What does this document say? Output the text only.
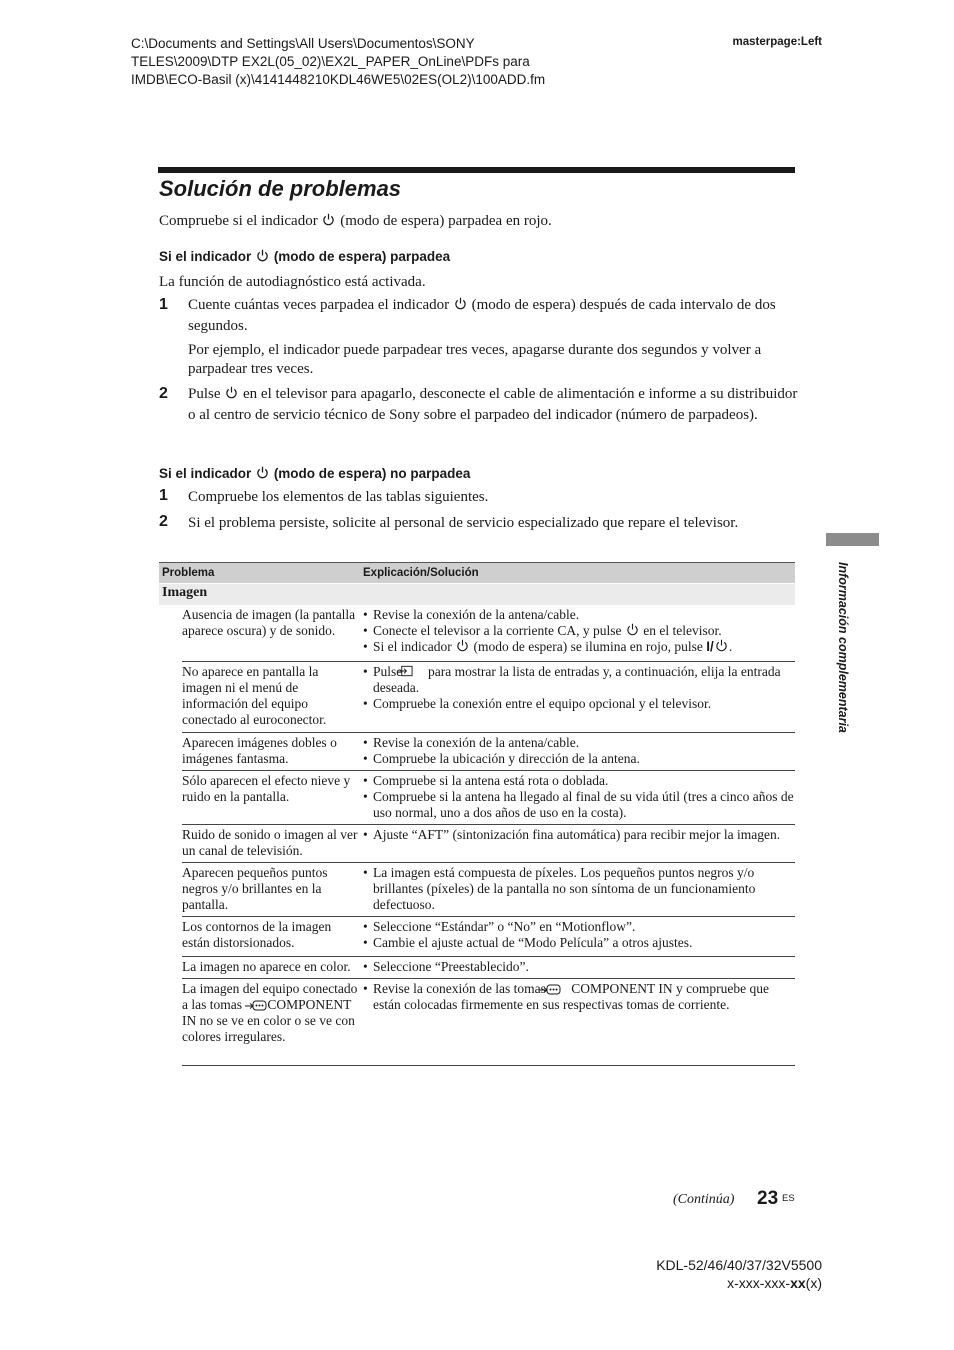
C:\Documents and Settings\All Users\Documentos\SONY
TELES\2009\DTP EX2L(05_02)\EX2L_PAPER_OnLine\PDFs para
IMDB\ECO-Basil (x)\4141448210KDL46WE5\02ES(OL2)\100ADD.fm
masterpage:Left
Solución de problemas
Compruebe si el indicador (modo de espera) parpadea en rojo.
Si el indicador (modo de espera) parpadea
La función de autodiagnóstico está activada.
1 Cuente cuántas veces parpadea el indicador (modo de espera) después de cada intervalo de dos segundos.
Por ejemplo, el indicador puede parpadear tres veces, apagarse durante dos segundos y volver a parpadear tres veces.
2 Pulse en el televisor para apagarlo, desconecte el cable de alimentación e informe a su distribuidor o al centro de servicio técnico de Sony sobre el parpadeo del indicador (número de parpadeos).
Si el indicador (modo de espera) no parpadea
1 Compruebe los elementos de las tablas siguientes.
2 Si el problema persiste, solicite al personal de servicio especializado que repare el televisor.
Información complementaria
Problema	Explicación/Solución
Imagen
Ausencia de imagen (la pantalla aparece oscura) y de sonido.
• Revise la conexión de la antena/cable.
• Conecte el televisor a la corriente CA, y pulse en el televisor.
• Si el indicador (modo de espera) se ilumina en rojo, pulse I/ .
No aparece en pantalla la imagen ni el menú de información del equipo conectado al euroconector.
• Pulse para mostrar la lista de entradas y, a continuación, elija la entrada deseada.
• Compruebe la conexión entre el equipo opcional y el televisor.
Aparecen imágenes dobles o imágenes fantasma.
• Revise la conexión de la antena/cable.
• Compruebe la ubicación y dirección de la antena.
Sólo aparecen el efecto nieve y ruido en la pantalla.
• Compruebe si la antena está rota o doblada.
• Compruebe si la antena ha llegado al final de su vida útil (tres a cinco años de uso normal, uno a dos años de uso en la costa).
Ruido de sonido o imagen al ver un canal de televisión.
• Ajuste “AFT” (sintonización fina automática) para recibir mejor la imagen.
Aparecen pequeños puntos negros y/o brillantes en la pantalla.
• La imagen está compuesta de píxeles. Los pequeños puntos negros y/o brillantes (píxeles) de la pantalla no son síntoma de un funcionamiento defectuoso.
Los contornos de la imagen están distorsionados.
• Seleccione “Estándar” o “No” en “Motionflow”.
• Cambie el ajuste actual de “Modo Película” a otros ajustes.
La imagen no aparece en color.
•	Seleccione “Preestablecido”.
La imagen del equipo conectado a las tomas COMPONENT IN no se ve en color o se ve con colores irregulares.
• Revise la conexión de las tomas COMPONENT IN y compruebe que están colocadas firmemente en sus respectivas tomas de corriente.
(Continúa) 23 ES
KDL-52/46/40/37/32V5500
x-xxx-xxx-xx(x)
